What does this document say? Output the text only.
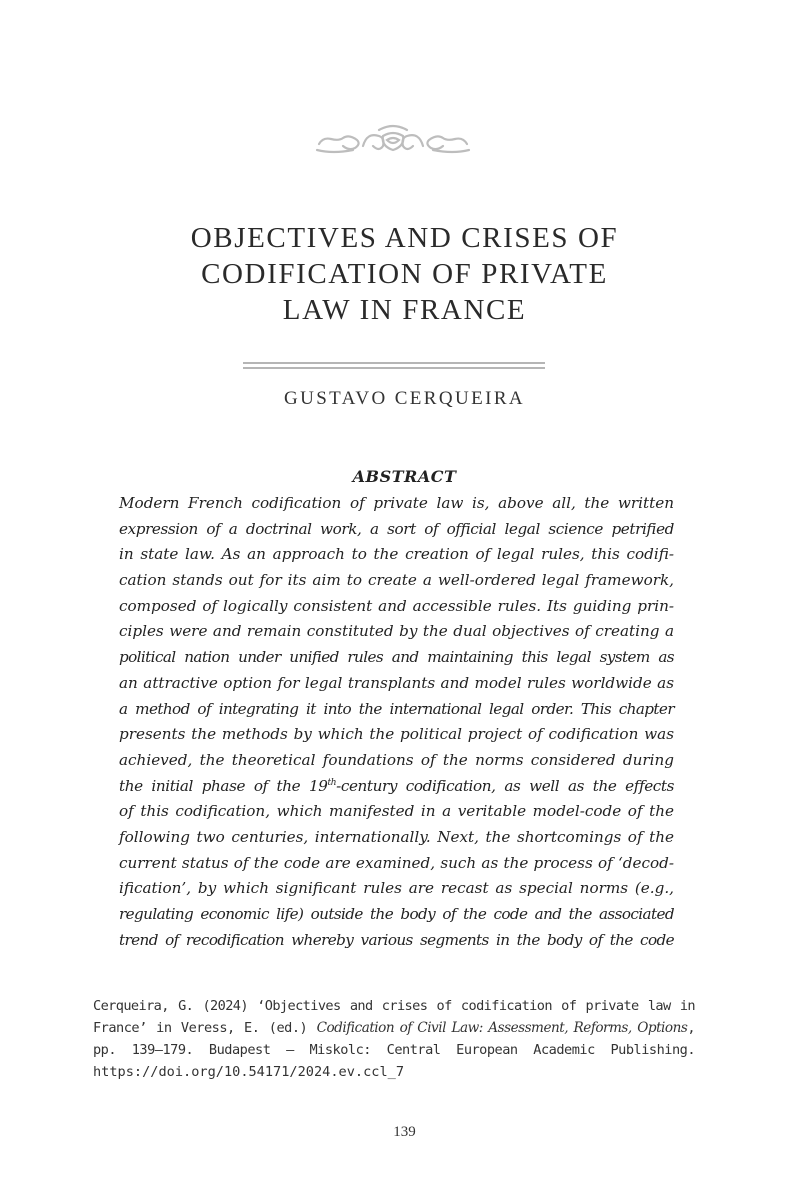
OBJECTIVES AND CRISES OF
CODIFICATION OF PRIVATE
LAW IN FRANCE
GUSTAVO CERQUEIRA
ABSTRACT
Modern French codification of private law is, above all, the written
expression of a doctrinal work, a sort of official legal science petrified
in state law. As an approach to the creation of legal rules, this codifi-
cation stands out for its aim to create a well-ordered legal framework,
composed of logically consistent and accessible rules. Its guiding prin-
ciples were and remain constituted by the dual objectives of creating a
political nation under unified rules and maintaining this legal system as
an attractive option for legal transplants and model rules worldwide as
a method of integrating it into the international legal order. This chapter
presents the methods by which the political project of codification was
achieved, the theoretical foundations of the norms considered during
the initial phase of the 19th-century codification, as well as the effects
of this codification, which manifested in a veritable model-code of the
following two centuries, internationally. Next, the shortcomings of the
current status of the code are examined, such as the process of ‘decod-
ification’, by which significant rules are recast as special norms (e.g.,
regulating economic life) outside the body of the code and the associated
trend of recodification whereby various segments in the body of the code
Cerqueira, G. (2024) ‘Objectives and crises of codification of private law in
France’ in Veress, E. (ed.) Codification of Civil Law: Assessment, Reforms, Options,
pp. 139–179. Budapest – Miskolc: Central European Academic Publishing.
https://doi.org/10.54171/2024.ev.ccl_7
139
